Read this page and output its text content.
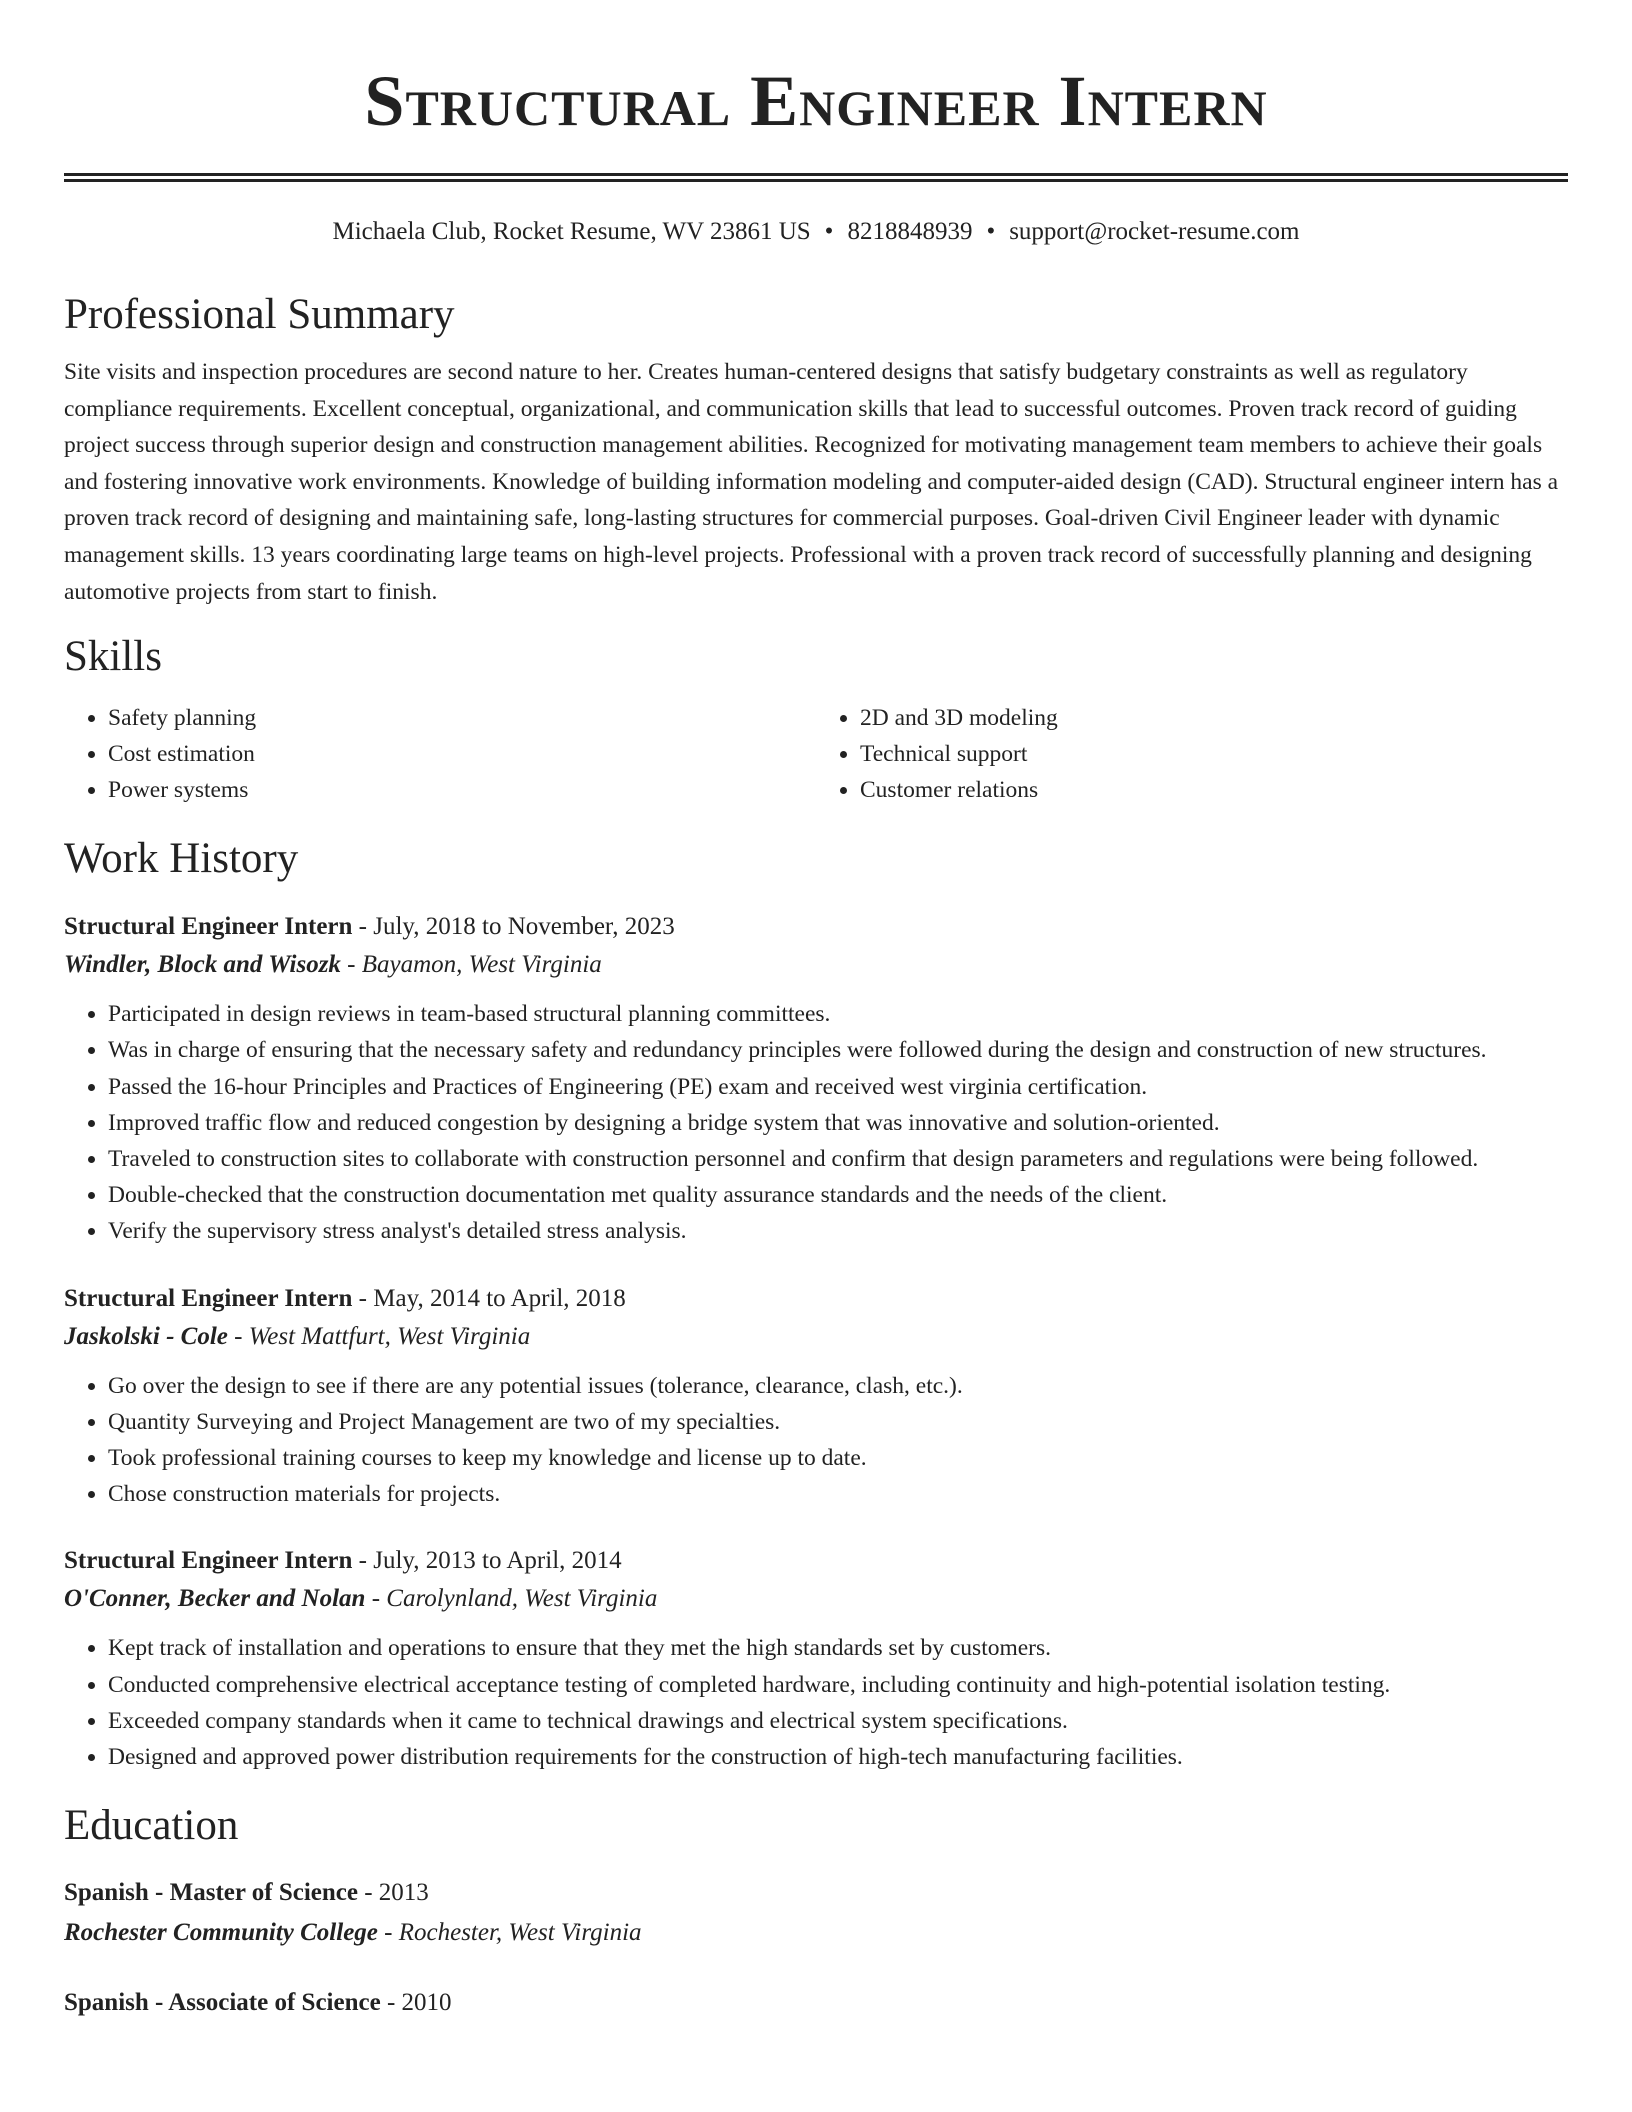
Structural Engineer Intern
Michaela Club, Rocket Resume, WV 23861 US • 8218848939 • support@rocket-resume.com
Professional Summary

Site visits and inspection procedures are second nature to her. Creates human-centered designs that satisfy budgetary constraints as well as regulatory compliance requirements. Excellent conceptual, organizational, and communication skills that lead to successful outcomes. Proven track record of guiding project success through superior design and construction management abilities. Recognized for motivating management team members to achieve their goals and fostering innovative work environments. Knowledge of building information modeling and computer-aided design (CAD). Structural engineer intern has a proven track record of designing and maintaining safe, long-lasting structures for commercial purposes. Goal-driven Civil Engineer leader with dynamic management skills. 13 years coordinating large teams on high-level projects. Professional with a proven track record of successfully planning and designing automotive projects from start to finish.

Skills
• Safety planning
• Cost estimation
• Power systems
• 2D and 3D modeling
• Technical support
• Customer relations
Work History
Structural Engineer Intern - July, 2018 to November, 2023
Windler, Block and Wisozk - Bayamon, West Virginia
• Participated in design reviews in team-based structural planning committees.
• Was in charge of ensuring that the necessary safety and redundancy principles were followed during the design and construction of new structures.
• Passed the 16-hour Principles and Practices of Engineering (PE) exam and received west virginia certification.
• Improved traffic flow and reduced congestion by designing a bridge system that was innovative and solution-oriented.
• Traveled to construction sites to collaborate with construction personnel and confirm that design parameters and regulations were being followed.
• Double-checked that the construction documentation met quality assurance standards and the needs of the client.
• Verify the supervisory stress analyst's detailed stress analysis.
Structural Engineer Intern - May, 2014 to April, 2018
Jaskolski - Cole - West Mattfurt, West Virginia
• Go over the design to see if there are any potential issues (tolerance, clearance, clash, etc.).
• Quantity Surveying and Project Management are two of my specialties.
• Took professional training courses to keep my knowledge and license up to date.
• Chose construction materials for projects.
Structural Engineer Intern - July, 2013 to April, 2014
O'Conner, Becker and Nolan - Carolynland, West Virginia
• Kept track of installation and operations to ensure that they met the high standards set by customers.
• Conducted comprehensive electrical acceptance testing of completed hardware, including continuity and high-potential isolation testing.
• Exceeded company standards when it came to technical drawings and electrical system specifications.
• Designed and approved power distribution requirements for the construction of high-tech manufacturing facilities.
Education
Spanish - Master of Science - 2013
Rochester Community College - Rochester, West Virginia
Spanish - Associate of Science - 2010
